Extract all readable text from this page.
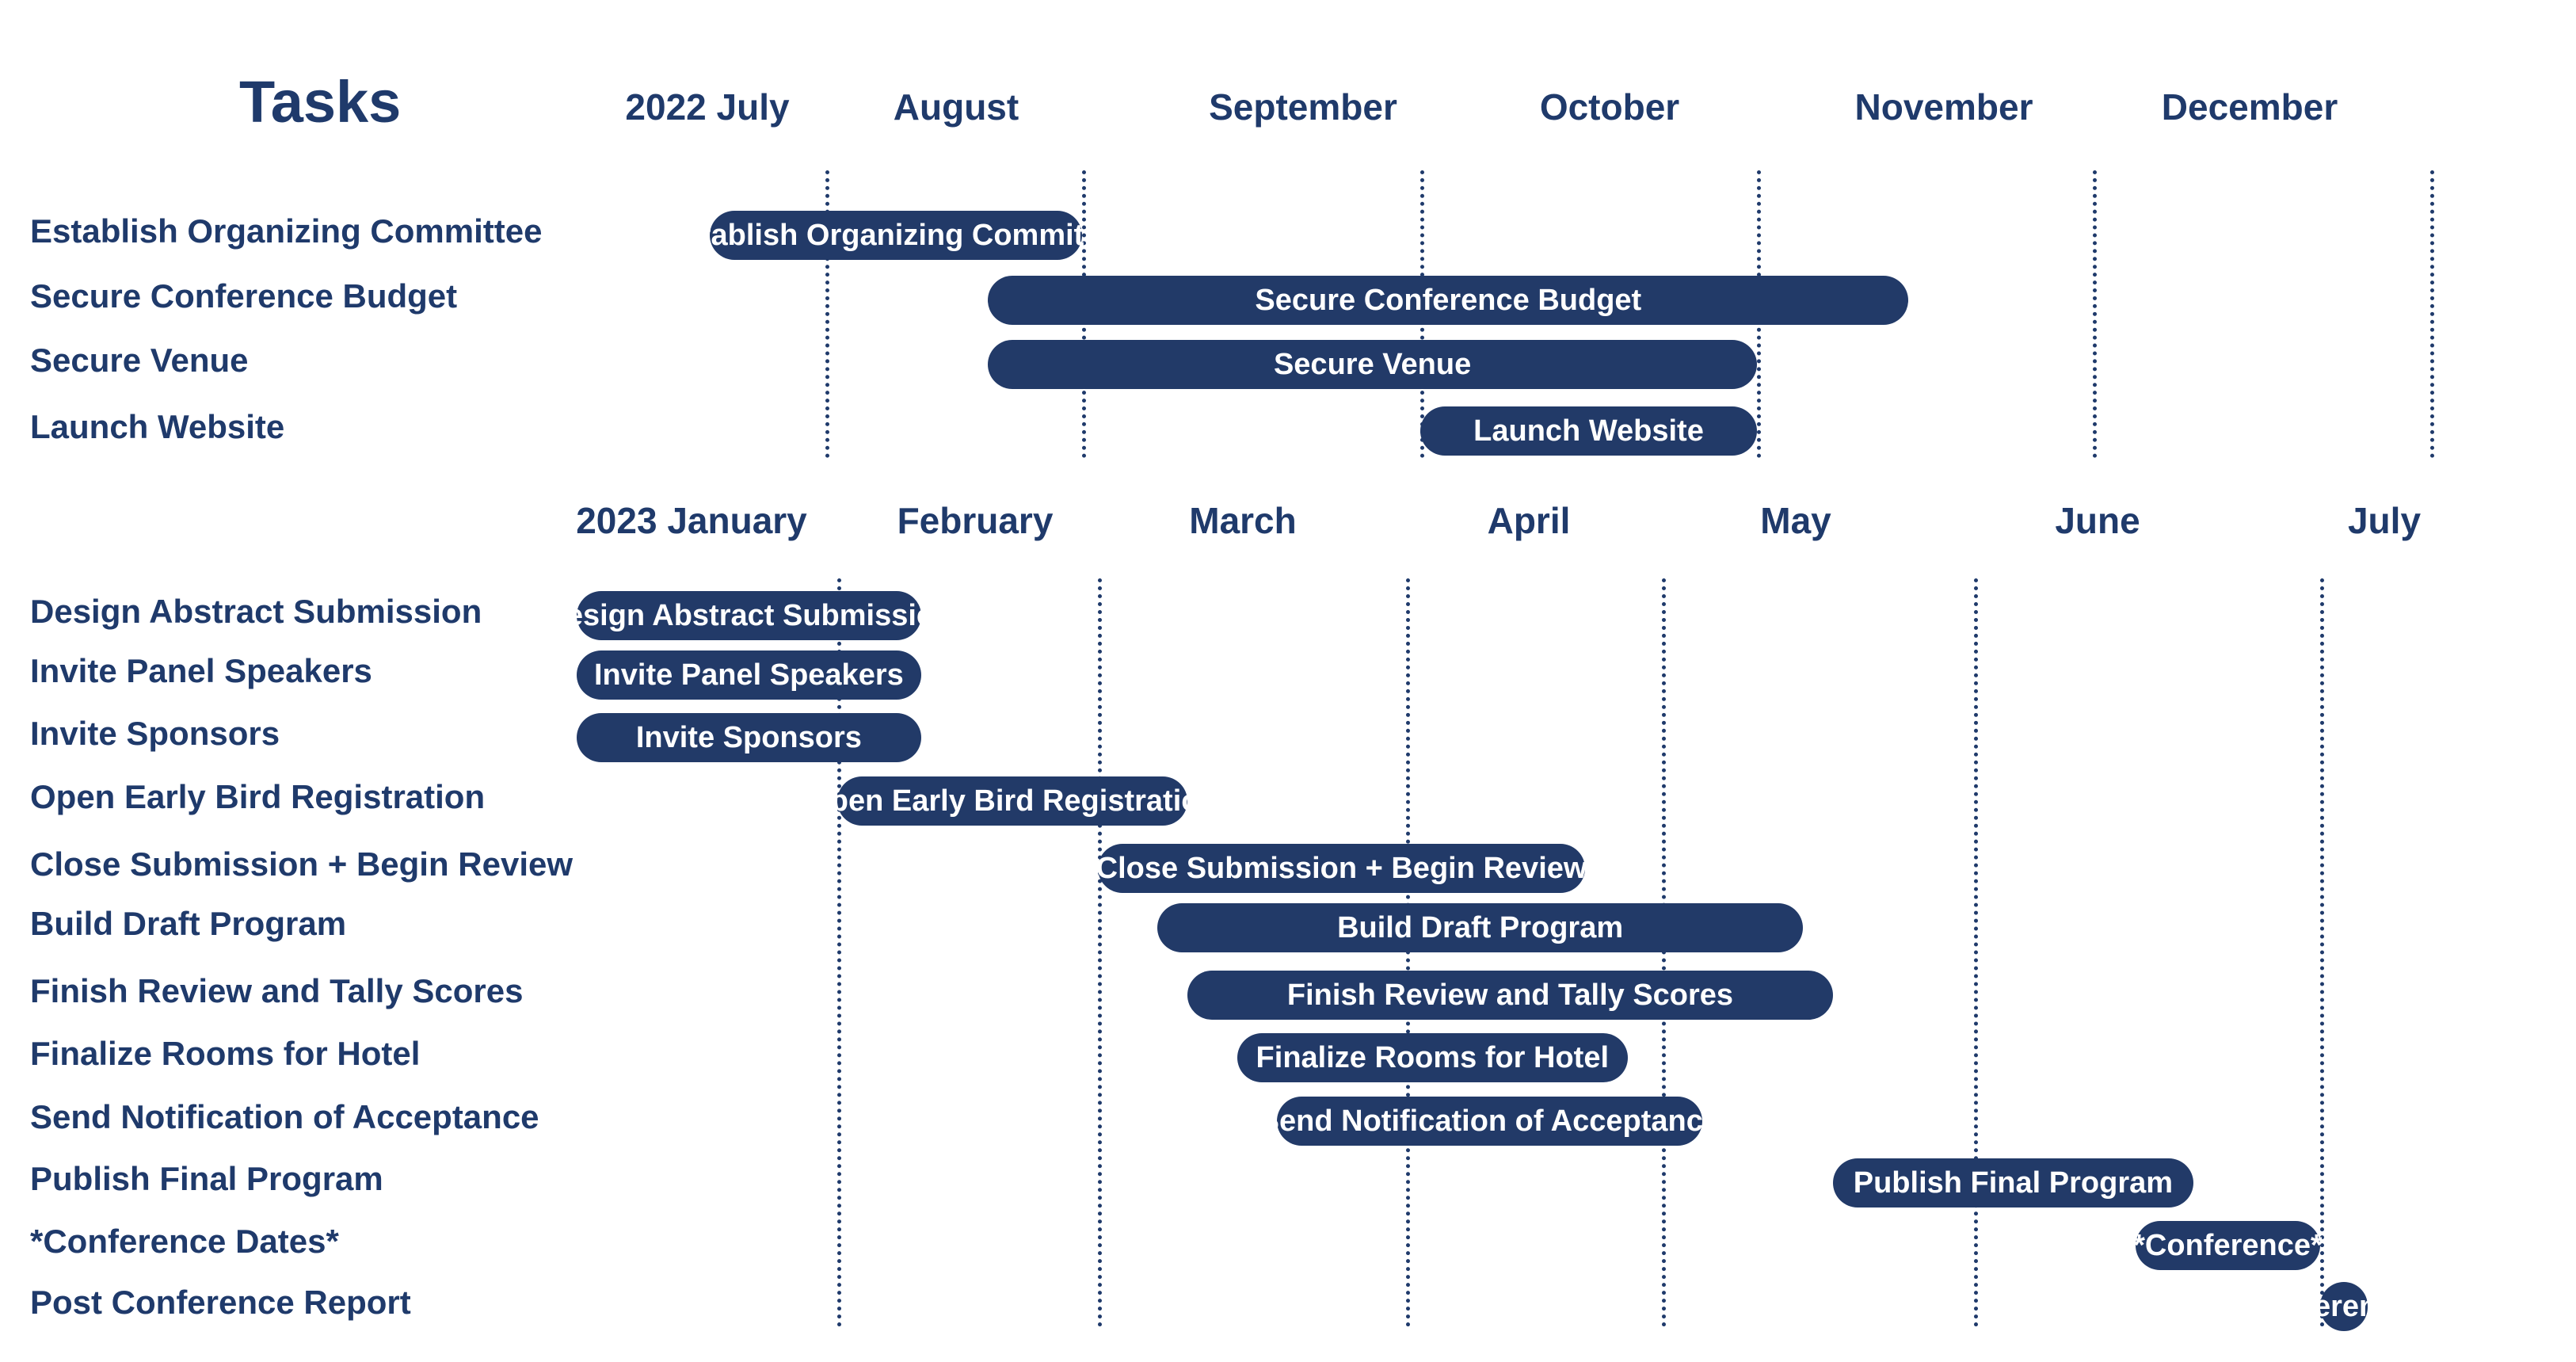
Tasks	2022 July	August	September	October	November	December
Establish Organizing Committee	Establish Organizing Committee
Secure Conference Budget	Secure Conference Budget
Secure Venue	Secure Venue
Launch Website	Launch Website
2023 January February	March	April	May	June	July
Design Abstract Submission Design Abstract Submission
Invite Panel Speakers	Invite Panel Speakers
Invite Sponsors	Invite Sponsors
Open Early Bird Registration	Open Early Bird Registration
Close Submission + Begin Review	Close Submission + Begin Review
Build Draft Program	Build Draft Program
Finish Review and Tally Scores	Finish Review and Tally Scores
Finalize Rooms for Hotel	Finalize Rooms for Hotel
Send Notification of Acceptance	Send Notification of Acceptance
Publish Final Program	Publish Final Program
*Conference Dates*	*Conference*
Post Conference Report	Post Conference Report
